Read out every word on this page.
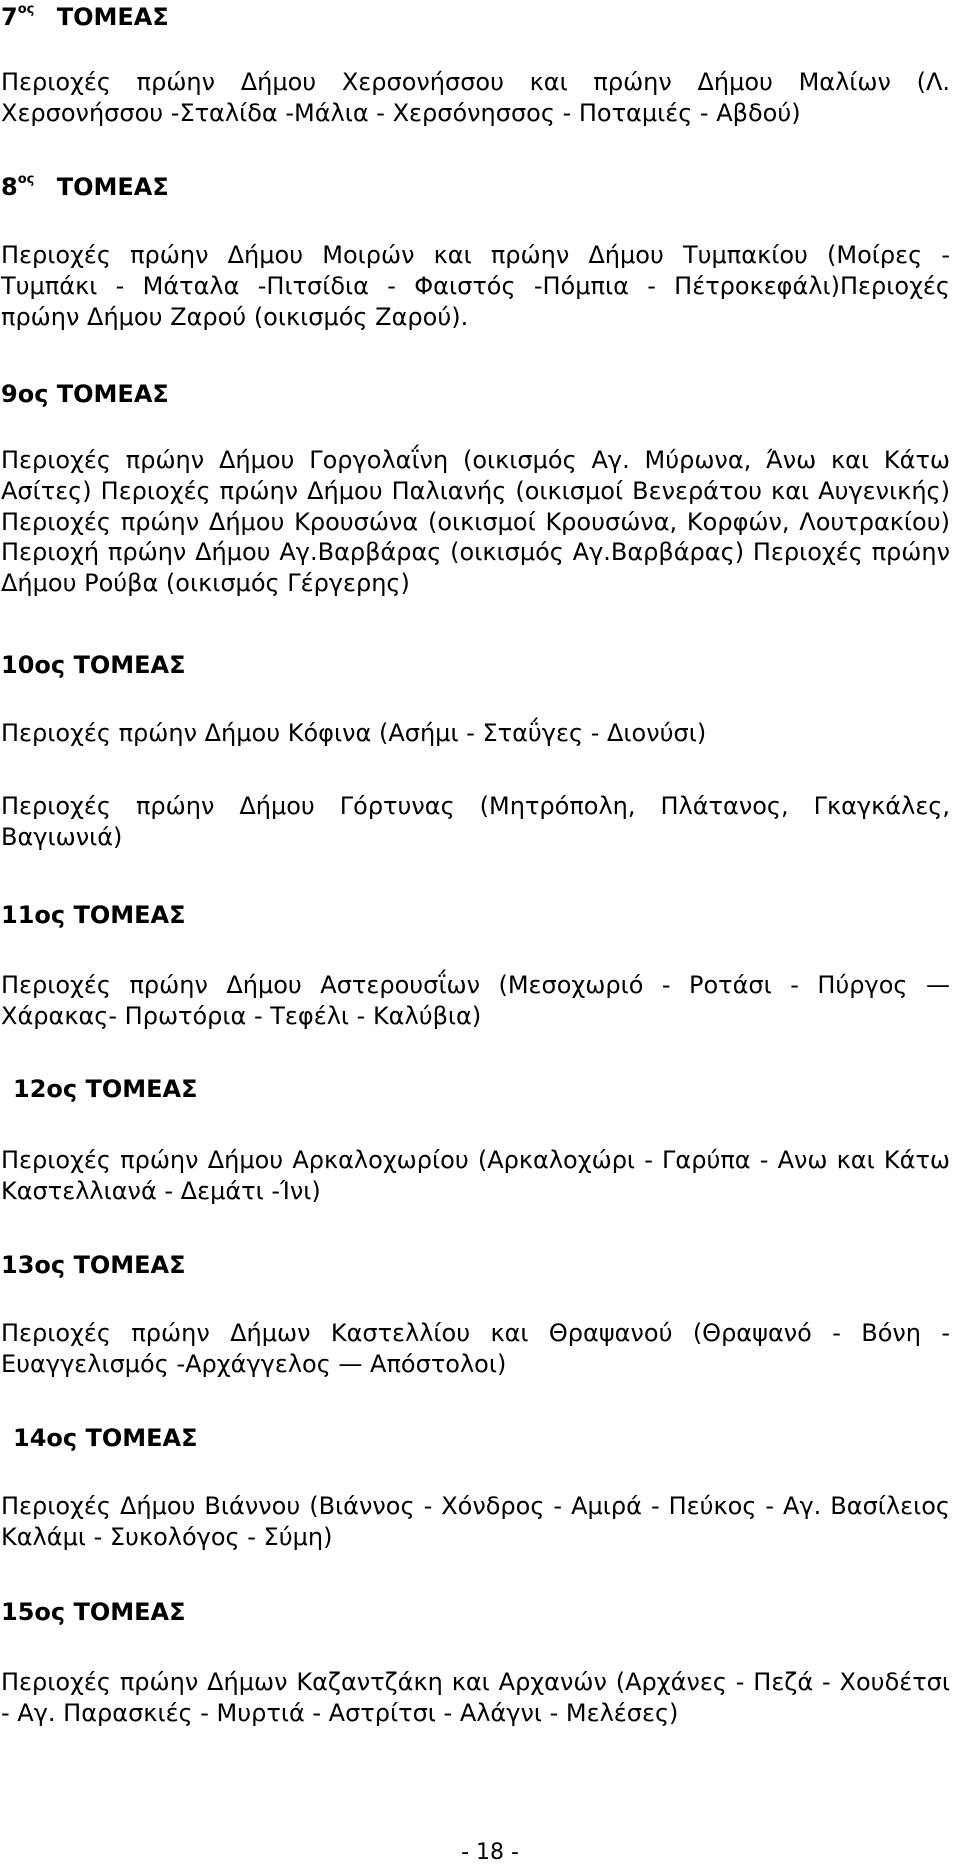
$7^{o\varsigma}$ ΤΟΜΕΑΣ

Περιοχές πρώην Δήμου Χερσονήσσου και πρώην Δήμου Μαλίων (Λ. Χερσονήσσου -Σταλίδα -Μάλια - Χερσόνησσος - Ποταμιές - Αβδού)

$8^{o\varsigma}$ ΤΟΜΕΑΣ

Περιοχές πρώην Δήμου Μοιρών και πρώην Δήμου Τυμπακίου (Μοίρες - Τυμπάκι - Μάταλα -Πιτσίδια - Φαιστός -Πόμπια - Πέτροκεφάλι)Περιοχές πρώην Δήμου Ζαρού (οικισμός Ζαρού).

9ος ΤΟΜΕΑΣ

Περιοχές πρώην Δήμου Γοργολαΐνη (οικισμός Αγ. Μύρωνα, Άνω και Κάτω Ασίτες) Περιοχές πρώην Δήμου Παλιανής (οικισμοί Βενεράτου και Αυγενικής) Περιοχές πρώην Δήμου Κρουσώνα (οικισμοί Κρουσώνα, Κορφών, Λουτρακίου) Περιοχή πρώην Δήμου Αγ.Βαρβάρας (οικισμός Αγ.Βαρβάρας) Περιοχές πρώην Δήμου Ρούβα (οικισμός Γέργερης)

10ος ΤΟΜΕΑΣ

Περιοχές πρώην Δήμου Κόφινα (Ασήμι - Σταΰγες - Διονύσι)

Περιοχές πρώην Δήμου Γόρτυνας (Μητρόπολη, Πλάτανος, Γκαγκάλες, Βαγιωνιά)

11ος ΤΟΜΕΑΣ

Περιοχές πρώην Δήμου Αστερουσΐων (Μεσοχωριό - Ροτάσι - Πύργος — Χάρακας- Πρωτόρια - Τεφέλι - Καλύβια)

12ος ΤΟΜΕΑΣ

Περιοχές πρώην Δήμου Αρκαλοχωρίου (Αρκαλοχώρι - Γαρύπα - Ανω και Κάτω Καστελλιανά - Δεμάτι -Ίνι)

13ος ΤΟΜΕΑΣ

Περιοχές πρώην Δήμων Καστελλίου και Θραψανού (Θραψανό - Βόνη - Ευαγγελισμός -Αρχάγγελος — Απόστολοι)

14ος ΤΟΜΕΑΣ

Περιοχές Δήμου Βιάννου (Βιάννος - Χόνδρος - Αμιρά - Πεύκος - Αγ. Βασίλειος Καλάμι - Συκολόγος - Σύμη)

15ος ΤΟΜΕΑΣ

Περιοχές πρώην Δήμων Καζαντζάκη και Αρχανών (Αρχάνες - Πεζά - Χουδέτσι - Αγ. Παρασκιές - Μυρτιά - Αστρίτσι - Αλάγνι - Μελέσες)

- 18 -
